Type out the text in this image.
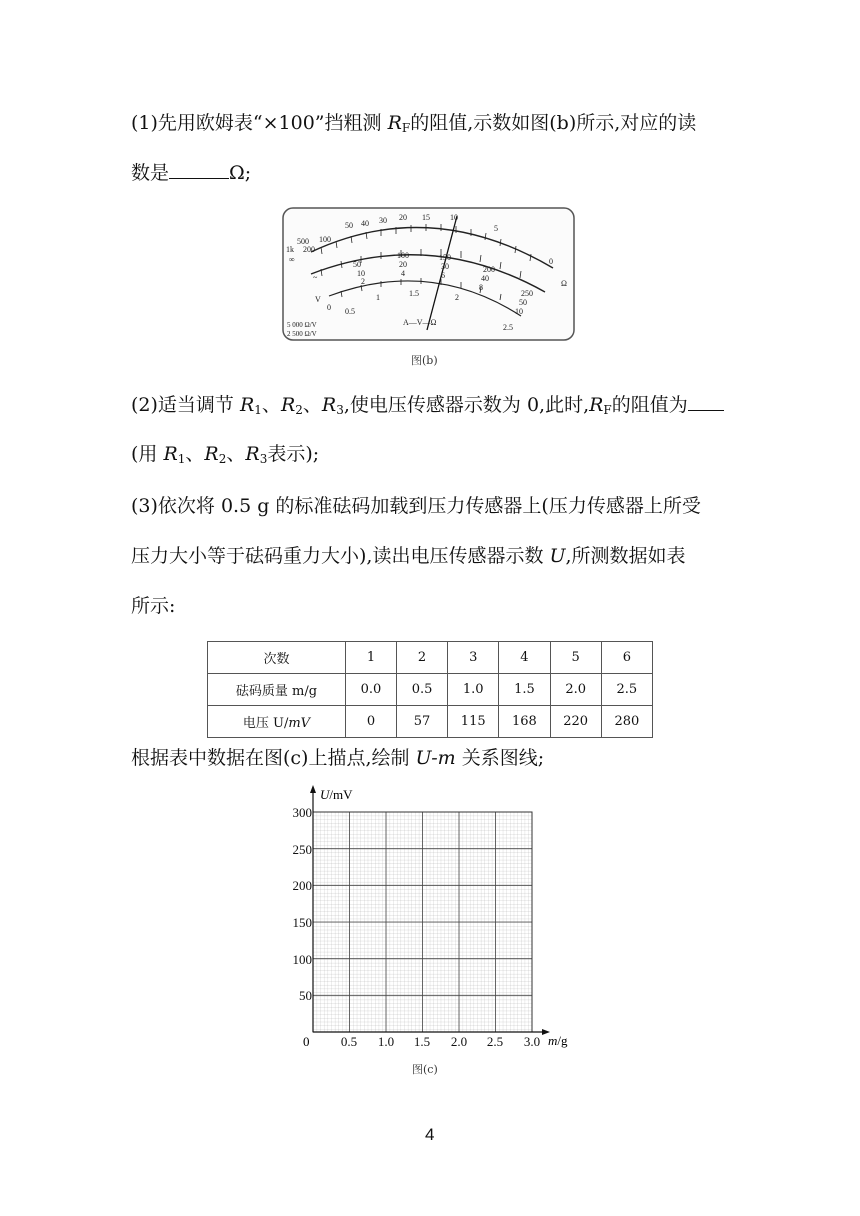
(1)先用欧姆表“×100”挡粗测 $R_F$的阻值,示数如图(b)所示,对应的读
数是	Ω;
1k
500
200
100
50 40 30 20 15	10
5
0
∞
Ω
50
100	150
200
250
10
20	30
40
50
2
4	6
8
10
~
0 0.5
1	1.5	2
2.5
V
A—V—Ω
5 000 Ω/V
2 500 Ω/V
图(b)
(2)适当调节 $R_1$、$R_2$、$R_3$,使电压传感器示数为 0,此时$,R_F$的阻值为
(用 $R_1$、$R_2$、$R_3$表示);
(3)依次将 0.5 g 的标准砝码加载到压力传感器上(压力传感器上所受
压力大小等于砝码重力大小),读出电压传感器示数 U,所测数据如表
所示:
次数	1	2	3	4	5	6
砝码质量 m/g	0.0	0.5	1.0	1.5	2.0	2.5
电压 U/mV	0	57	115	168	220	280
根据表中数据在图(c)上描点,绘制 U-m 关系图线;
U/mV
300
250
200
150
100
50
0 0.5 1.0 1.5 2.0 2.5 3.0 m/g
图(c)
4
